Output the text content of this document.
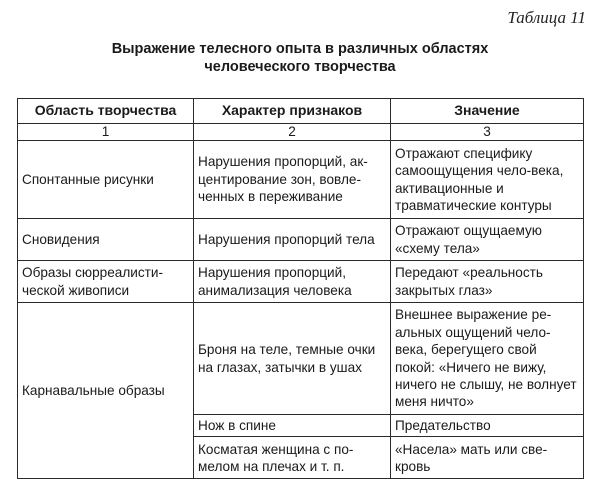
Таблица 11
Выражение телесного опыта в различных областях
человеческого творчества
Область творчества	Характер признаков	Значение
1	2	3
Спонтанные рисунки	Нарушения пропорций, ак-центирование зон, вовле-ченных в переживание	Отражают специфику самоощущения чело-века, активационные и травматические контуры
Сновидения	Нарушения пропорций тела	Отражают ощущаемую «схему тела»
Образы сюрреалисти-ческой живописи	Нарушения пропорций, анимализация человека	Передают «реальность закрытых глаз»
Карнавальные образы	Броня на теле, темные очки на глазах, затычки в ушах	Внешнее выражение ре-альных ощущений чело-века, берегущего свой покой: «Ничего не вижу, ничего не слышу, не волнует меня ничто»
	Нож в спине	Предательство
	Косматая женщина с по-мелом на плечах и т. п.	«Насела» мать или све-кровь
